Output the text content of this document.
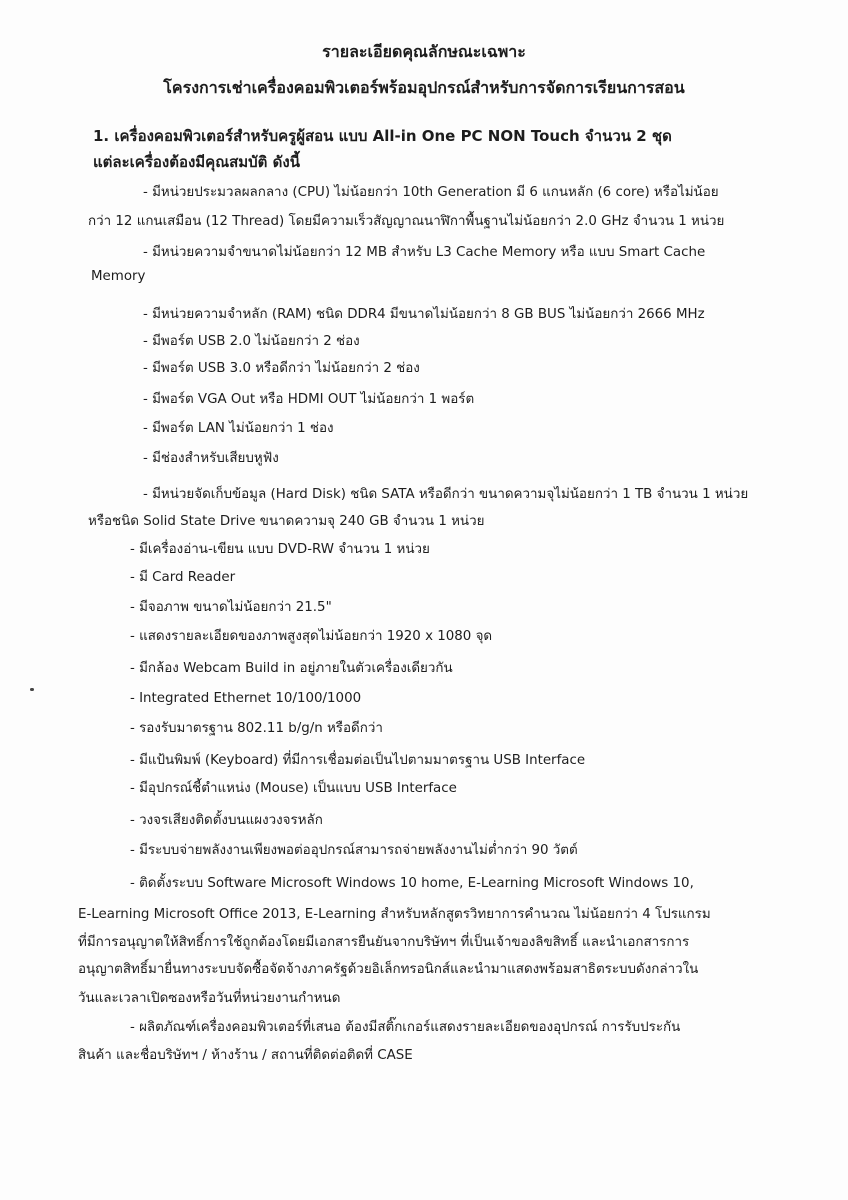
รายละเอียดคุณลักษณะเฉพาะ
โครงการเช่าเครื่องคอมพิวเตอร์พร้อมอุปกรณ์สำหรับการจัดการเรียนการสอน
1. เครื่องคอมพิวเตอร์สำหรับครูผู้สอน แบบ All-in One PC NON Touch จำนวน 2 ชุด
แต่ละเครื่องต้องมีคุณสมบัติ ดังนี้
- มีหน่วยประมวลผลกลาง (CPU) ไม่น้อยกว่า 10th Generation มี 6 แกนหลัก (6 core) หรือไม่น้อย
กว่า 12 แกนเสมือน (12 Thread) โดยมีความเร็วสัญญาณนาฬิกาพื้นฐานไม่น้อยกว่า 2.0 GHz จำนวน 1 หน่วย
- มีหน่วยความจำขนาดไม่น้อยกว่า 12 MB สำหรับ L3 Cache Memory หรือ แบบ Smart Cache
Memory
- มีหน่วยความจำหลัก (RAM) ชนิด DDR4 มีขนาดไม่น้อยกว่า 8 GB BUS ไม่น้อยกว่า 2666 MHz
- มีพอร์ต USB 2.0 ไม่น้อยกว่า 2 ช่อง
- มีพอร์ต USB 3.0 หรือดีกว่า ไม่น้อยกว่า 2 ช่อง
- มีพอร์ต VGA Out หรือ HDMI OUT ไม่น้อยกว่า 1 พอร์ต
- มีพอร์ต LAN ไม่น้อยกว่า 1 ช่อง
- มีช่องสำหรับเสียบหูฟัง
- มีหน่วยจัดเก็บข้อมูล (Hard Disk) ชนิด SATA หรือดีกว่า ขนาดความจุไม่น้อยกว่า 1 TB จำนวน 1 หน่วย
หรือชนิด Solid State Drive ขนาดความจุ 240 GB จำนวน 1 หน่วย
- มีเครื่องอ่าน-เขียน แบบ DVD-RW จำนวน 1 หน่วย
- มี Card Reader
- มีจอภาพ ขนาดไม่น้อยกว่า 21.5"
- แสดงรายละเอียดของภาพสูงสุดไม่น้อยกว่า 1920 x 1080 จุด
- มีกล้อง Webcam Build in อยู่ภายในตัวเครื่องเดียวกัน
- Integrated Ethernet 10/100/1000
- รองรับมาตรฐาน 802.11 b/g/n หรือดีกว่า
- มีแป้นพิมพ์ (Keyboard) ที่มีการเชื่อมต่อเป็นไปตามมาตรฐาน USB Interface
- มีอุปกรณ์ชี้ตำแหน่ง (Mouse) เป็นแบบ USB Interface
- วงจรเสียงติดตั้งบนแผงวงจรหลัก
- มีระบบจ่ายพลังงานเพียงพอต่ออุปกรณ์สามารถจ่ายพลังงานไม่ต่ำกว่า 90 วัตต์
- ติดตั้งระบบ Software Microsoft Windows 10 home, E-Learning Microsoft Windows 10,
E-Learning Microsoft Office 2013, E-Learning สำหรับหลักสูตรวิทยาการคำนวณ ไม่น้อยกว่า 4 โปรแกรม
ที่มีการอนุญาตให้สิทธิ์การใช้ถูกต้องโดยมีเอกสารยืนยันจากบริษัทฯ ที่เป็นเจ้าของลิขสิทธิ์ และนำเอกสารการ
อนุญาตสิทธิ์มายื่นทางระบบจัดซื้อจัดจ้างภาครัฐด้วยอิเล็กทรอนิกส์และนำมาแสดงพร้อมสาธิตระบบดังกล่าวใน
วันและเวลาเปิดซองหรือวันที่หน่วยงานกำหนด
- ผลิตภัณฑ์เครื่องคอมพิวเตอร์ที่เสนอ ต้องมีสติ๊กเกอร์แสดงรายละเอียดของอุปกรณ์ การรับประกัน
สินค้า และชื่อบริษัทฯ / ห้างร้าน / สถานที่ติดต่อติดที่ CASE
